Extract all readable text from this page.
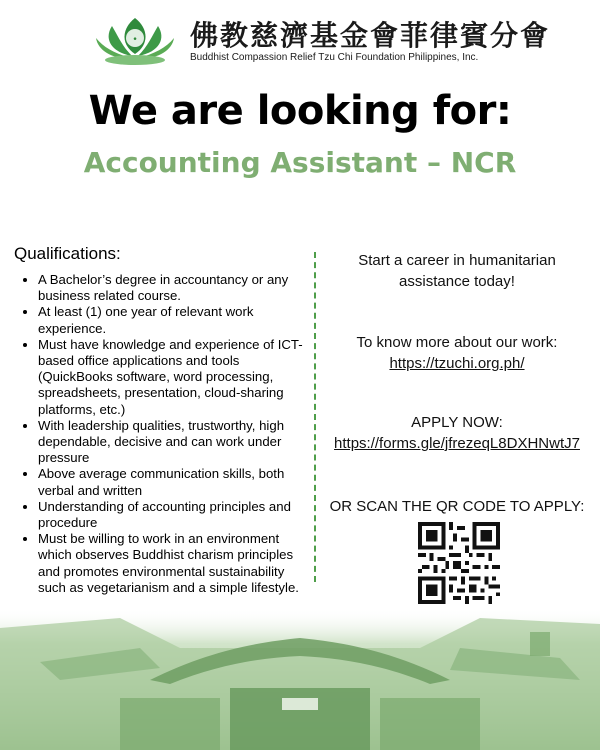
• 佛教慈濟基金會菲律賓分會
Buddhist Compassion Relief Tzu Chi Foundation Philippines, Inc.
We are looking for:
Accounting Assistant – NCR
Qualifications:
• A Bachelor’s degree in accountancy or any business related course.
• At least (1) one year of relevant work experience.
• Must have knowledge and experience of ICT-based office applications and tools (QuickBooks software, word processing, spreadsheets, presentation, cloud-sharing platforms, etc.)
• With leadership qualities, trustworthy, high dependable, decisive and can work under pressure
• Above average communication skills, both verbal and written
• Understanding of accounting principles and procedure
• Must be willing to work in an environment which observes Buddhist charism principles and promotes environmental sustainability such as vegetarianism and a simple lifestyle.

Start a career in humanitarian assistance today!

To know more about our work:

https://tzuchi.org.ph/

APPLY NOW:

https://forms.gle/jfrezeqL8DXHNwtJ7

OR SCAN THE QR CODE TO APPLY:
